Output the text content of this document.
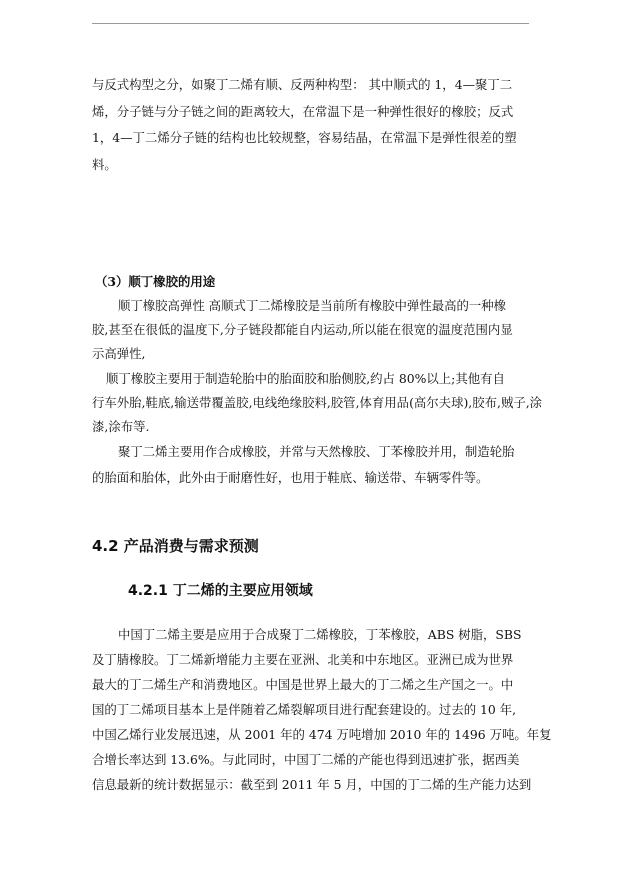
与反式构型之分，如聚丁二烯有顺、反两种构型： 其中顺式的 1，4—聚丁二
烯，分子链与分子链之间的距离较大，在常温下是一种弹性很好的橡胶；反式
1，4—丁二烯分子链的结构也比较规整，容易结晶，在常温下是弹性很差的塑
料。
（3）顺丁橡胶的用途
顺丁橡胶高弹性 高顺式丁二烯橡胶是当前所有橡胶中弹性最高的一种橡
胶,甚至在很低的温度下,分子链段都能自内运动,所以能在很宽的温度范围内显
示高弹性,
顺丁橡胶主要用于制造轮胎中的胎面胶和胎侧胶,约占 80%以上;其他有自
行车外胎,鞋底,输送带覆盖胶,电线绝缘胶料,胶管,体育用品(高尔夫球),胶布,贼子,涂
漆,涂布等.
聚丁二烯主要用作合成橡胶，并常与天然橡胶、丁苯橡胶并用，制造轮胎
的胎面和胎体，此外由于耐磨性好，也用于鞋底、输送带、车辆零件等。
4.2 产品消费与需求预测
4.2.1 丁二烯的主要应用领域
中国丁二烯主要是应用于合成聚丁二烯橡胶，丁苯橡胶，ABS 树脂，SBS
及丁腈橡胶。丁二烯新增能力主要在亚洲、北美和中东地区。亚洲已成为世界
最大的丁二烯生产和消费地区。中国是世界上最大的丁二烯之生产国之一。中
国的丁二烯项目基本上是伴随着乙烯裂解项目进行配套建设的。过去的 10 年,
中国乙烯行业发展迅速，从 2001 年的 474 万吨增加 2010 年的 1496 万吨。年复
合增长率达到 13.6%。与此同时，中国丁二烯的产能也得到迅速扩张，据西美
信息最新的统计数据显示：截至到 2011 年 5 月，中国的丁二烯的生产能力达到
